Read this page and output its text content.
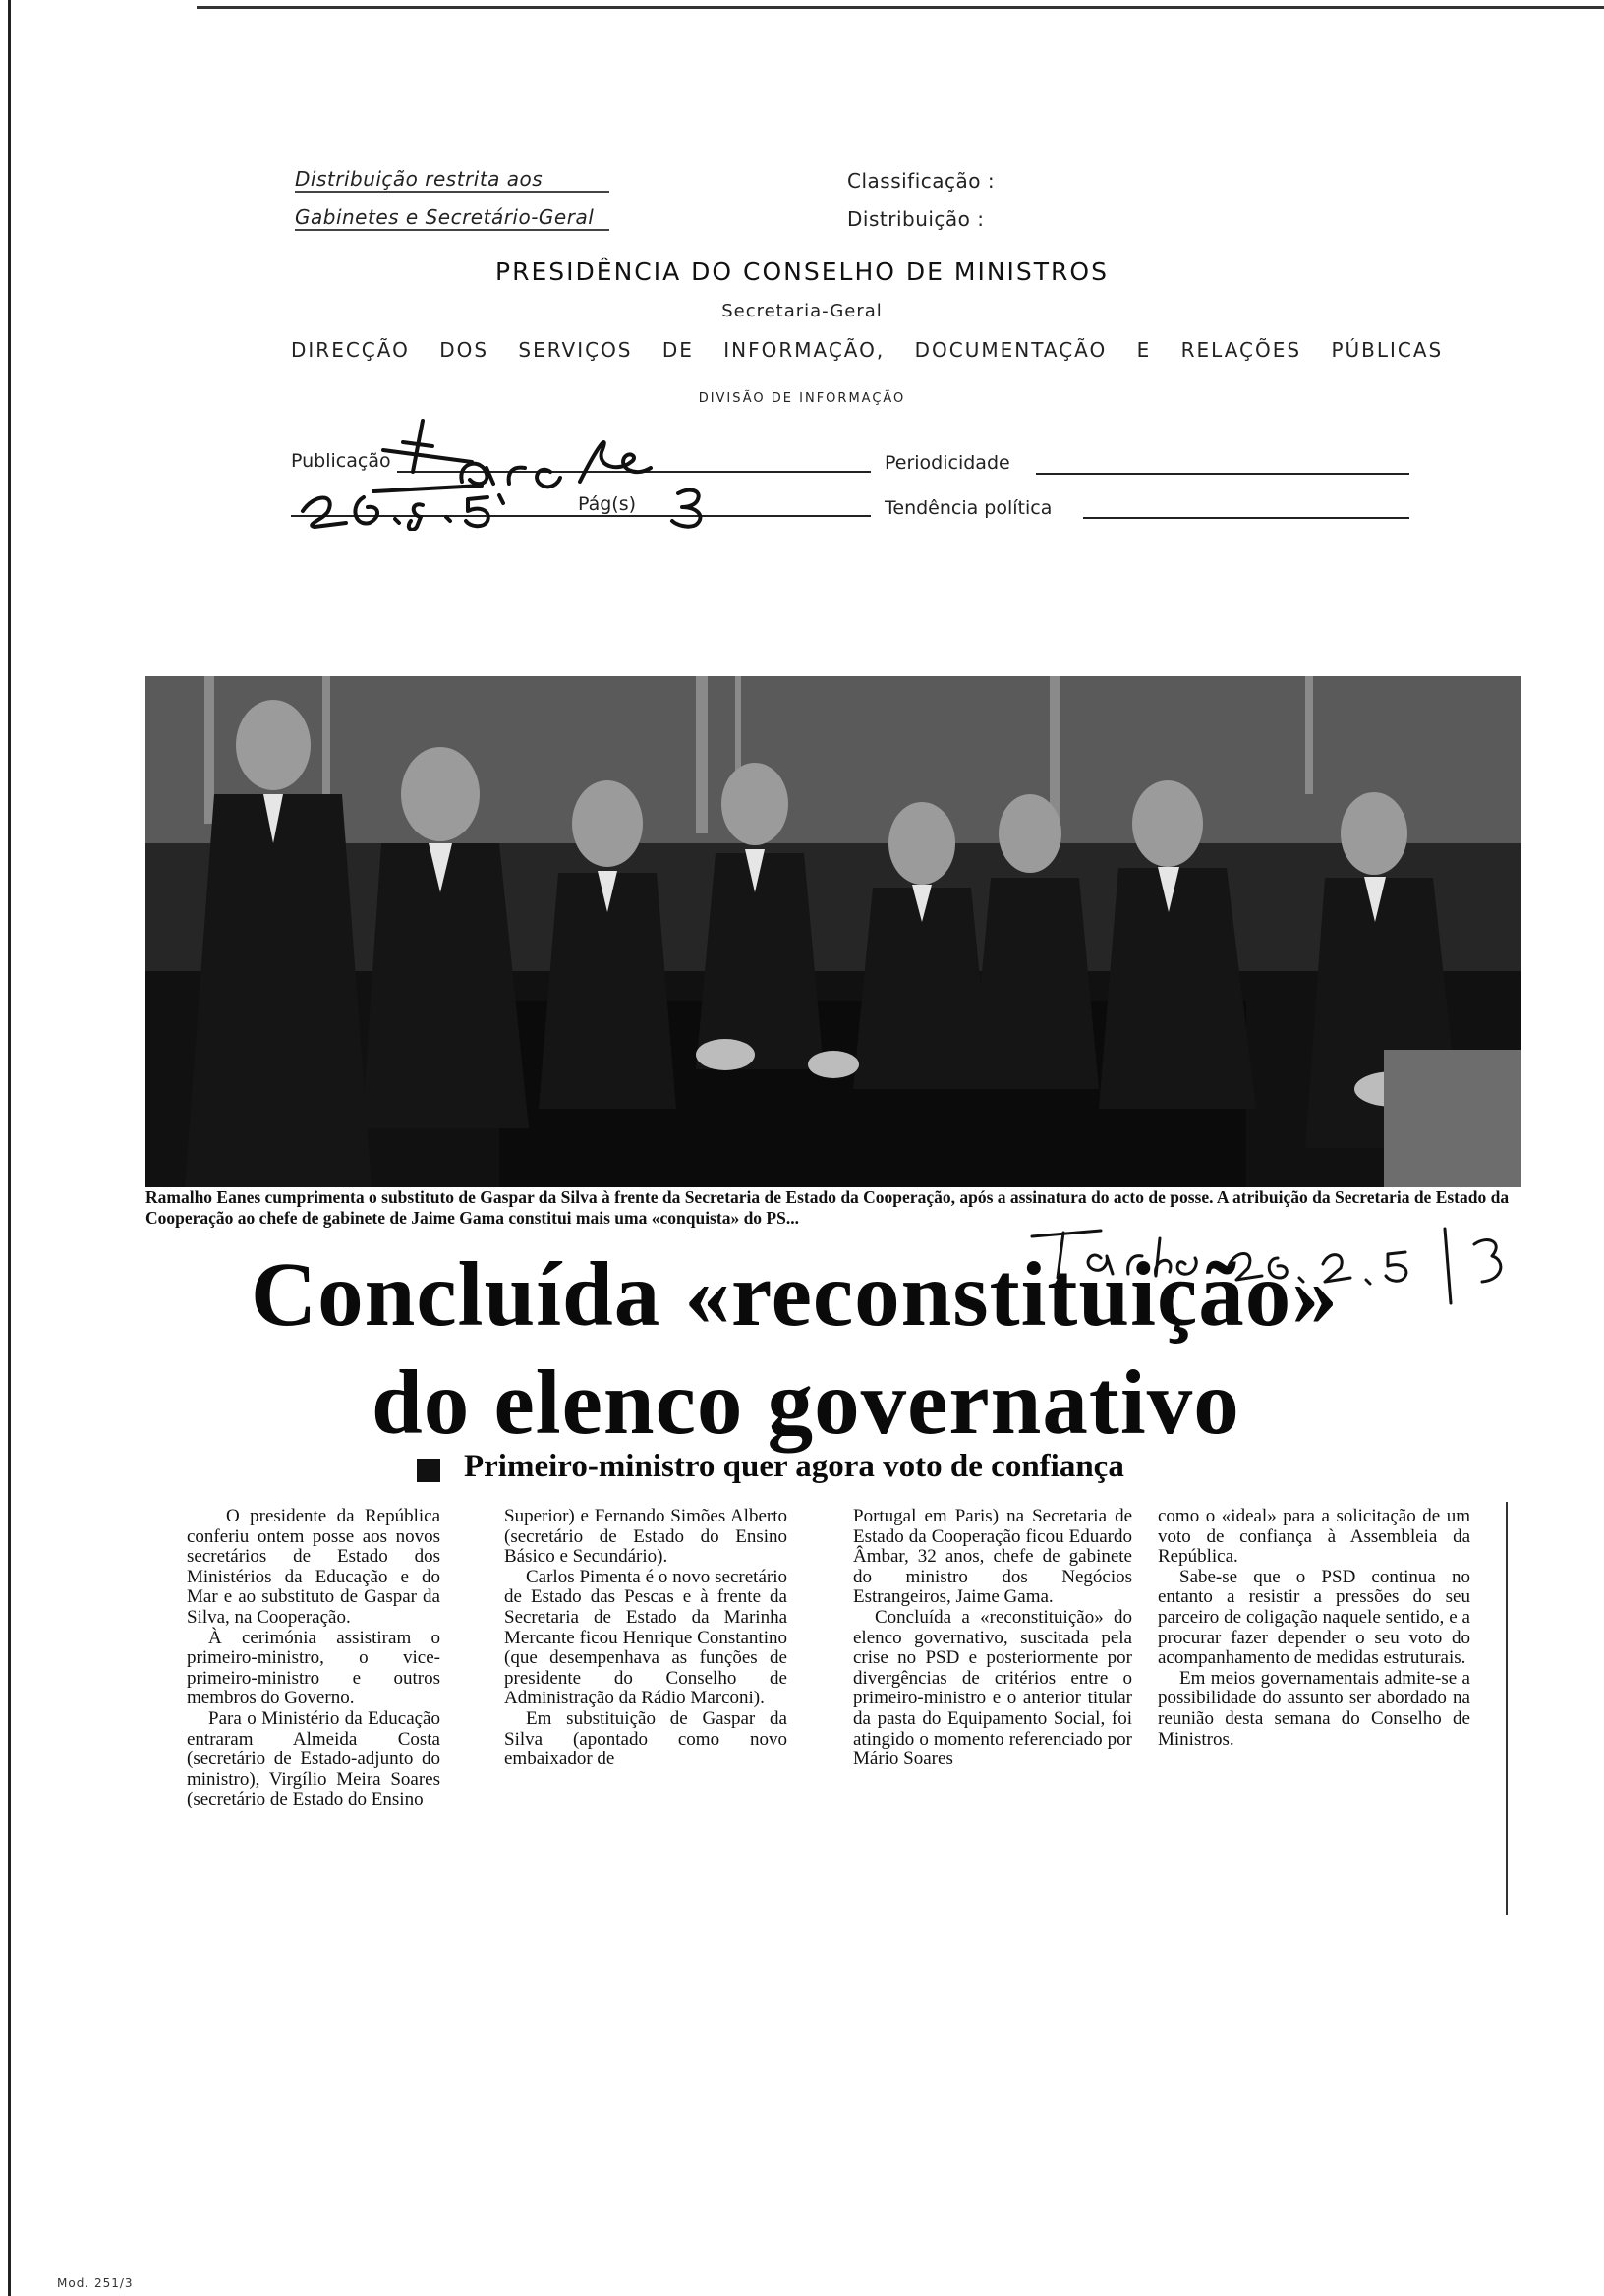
Distribuição restrita aos
Gabinetes e Secretário-Geral
Classificação :
Distribuição :
PRESIDÊNCIA DO CONSELHO DE MINISTROS
Secretaria-Geral
DIRECÇÃO DOS SERVIÇOS DE INFORMAÇÃO, DOCUMENTAÇÃO E RELAÇÕES PÚBLICAS
DIVISÃO DE INFORMAÇÃO
Publicação	Periodicidade
Pág(s)	Tendência política
Ramalho Eanes cumprimenta o substituto de Gaspar da Silva à frente da Secretaria de Estado da Cooperação, após a assinatura do acto de posse. A atribuição da Secretaria de Estado da Cooperação ao chefe de gabinete de Jaime Gama constitui mais uma «conquista» do PS...
Concluída «reconstituição»
do elenco governativo
Primeiro-ministro quer agora voto de confiança

O presidente da República conferiu ontem posse aos novos secretários de Estado dos Ministérios da Educação e do Mar e ao substituto de Gaspar da Silva, na Cooperação.

À cerimónia assistiram o primeiro-ministro, o vice-primeiro-ministro e outros membros do Governo.

Para o Ministério da Educação entraram Almeida Costa (secretário de Estado-adjunto do ministro), Virgílio Meira Soares (secretário de Estado do Ensino

Superior) e Fernando Simões Alberto (secretário de Estado do Ensino Básico e Secundário).

Carlos Pimenta é o novo secretário de Estado das Pescas e à frente da Secretaria de Estado da Marinha Mercante ficou Henrique Constantino (que desempenhava as funções de presidente do Conselho de Administração da Rádio Marconi).

Em substituição de Gaspar da Silva (apontado como novo embaixador de

Portugal em Paris) na Secretaria de Estado da Cooperação ficou Eduardo Âmbar, 32 anos, chefe de gabinete do ministro dos Negócios Estrangeiros, Jaime Gama.

Concluída a «reconstituição» do elenco governativo, suscitada pela crise no PSD e posteriormente por divergências de critérios entre o primeiro-ministro e o anterior titular da pasta do Equipamento Social, foi atingido o momento referenciado por Mário Soares

como o «ideal» para a solicitação de um voto de confiança à Assembleia da República.

Sabe-se que o PSD continua no entanto a resistir a pressões do seu parceiro de coligação naquele sentido, e a procurar fazer depender o seu voto do acompanhamento de medidas estruturais.

Em meios governamentais admite-se a possibilidade do assunto ser abordado na reunião desta semana do Conselho de Ministros.

Mod. 251/3
